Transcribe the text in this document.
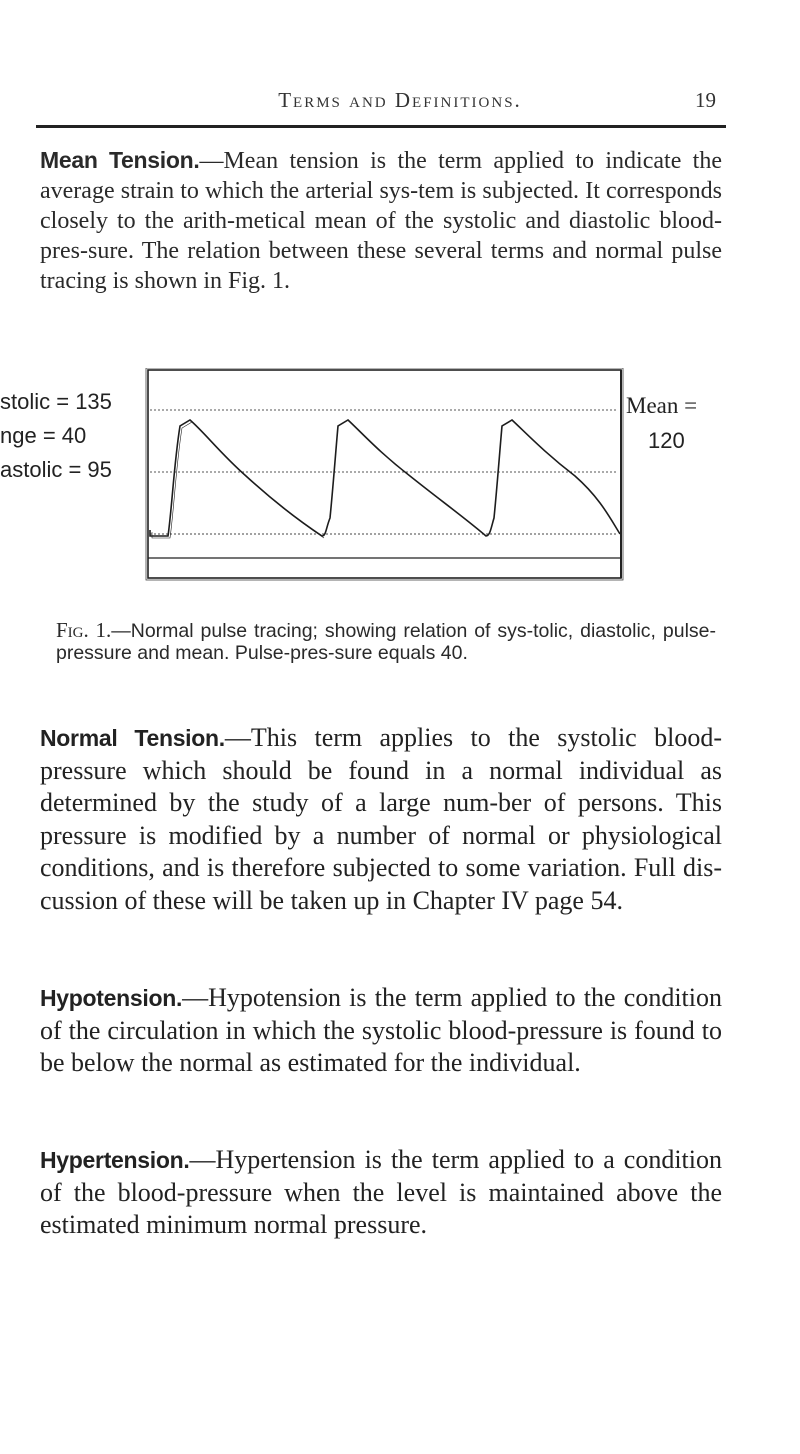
Terms and Definitions.	19

Mean Tension.—Mean tension is the term applied to indicate the average strain to which the arterial sys-tem is subjected. It corresponds closely to the arith-metical mean of the systolic and diastolic blood-pres-sure. The relation between these several terms and normal pulse tracing is shown in Fig. 1.

stolic = 135
nge = 40
astolic = 95
Mean =
120

Fig. 1.—Normal pulse tracing; showing relation of sys-tolic, diastolic, pulse-pressure and mean. Pulse-pres-sure equals 40.

Normal Tension.—This term applies to the systolic blood-pressure which should be found in a normal individual as determined by the study of a large num-ber of persons. This pressure is modified by a number of normal or physiological conditions, and is therefore subjected to some variation. Full dis-cussion of these will be taken up in Chapter IV page 54.

Hypotension.—Hypotension is the term applied to the condition of the circulation in which the systolic blood-pressure is found to be below the normal as estimated for the individual.

Hypertension.—Hypertension is the term applied to a condition of the blood-pressure when the level is maintained above the estimated minimum normal pressure.
